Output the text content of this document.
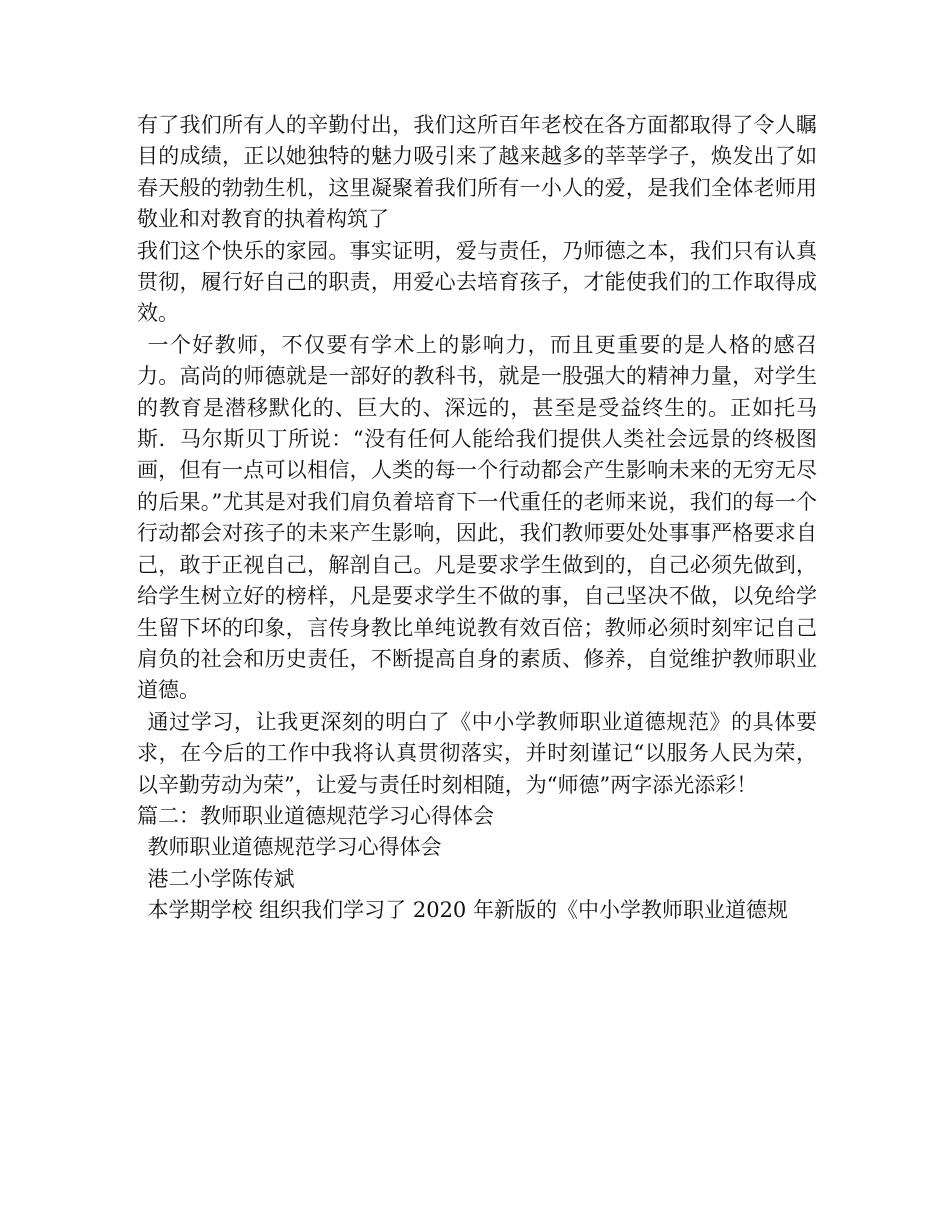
有了我们所有人的辛勤付出，我们这所百年老校在各方面都取得了令人瞩目的成绩，正以她独特的魅力吸引来了越来越多的莘莘学子，焕发出了如春天般的勃勃生机，这里凝聚着我们所有一小人的爱，是我们全体老师用敬业和对教育的执着构筑了

我们这个快乐的家园。事实证明，爱与责任，乃师德之本，我们只有认真贯彻，履行好自己的职责，用爱心去培育孩子，才能使我们的工作取得成效。

一个好教师，不仅要有学术上的影响力，而且更重要的是人格的感召力。高尚的师德就是一部好的教科书，就是一股强大的精神力量，对学生的教育是潜移默化的、巨大的、深远的，甚至是受益终生的。正如托马斯．马尔斯贝丁所说：“没有任何人能给我们提供人类社会远景的终极图画，但有一点可以相信，人类的每一个行动都会产生影响未来的无穷无尽的后果。”尤其是对我们肩负着培育下一代重任的老师来说，我们的每一个行动都会对孩子的未来产生影响，因此，我们教师要处处事事严格要求自己，敢于正视自己，解剖自己。凡是要求学生做到的，自己必须先做到，给学生树立好的榜样，凡是要求学生不做的事，自己坚决不做，以免给学生留下坏的印象，言传身教比单纯说教有效百倍；教师必须时刻牢记自己肩负的社会和历史责任，不断提高自身的素质、修养，自觉维护教师职业道德。

通过学习，让我更深刻的明白了《中小学教师职业道德规范》的具体要求，在今后的工作中我将认真贯彻落实，并时刻谨记“以服务人民为荣，以辛勤劳动为荣”，让爱与责任时刻相随，为“师德”两字添光添彩！

篇二：教师职业道德规范学习心得体会

教师职业道德规范学习心得体会

港二小学陈传斌

本学期学校 组织我们学习了 2020 年新版的《中小学教师职业道德规
